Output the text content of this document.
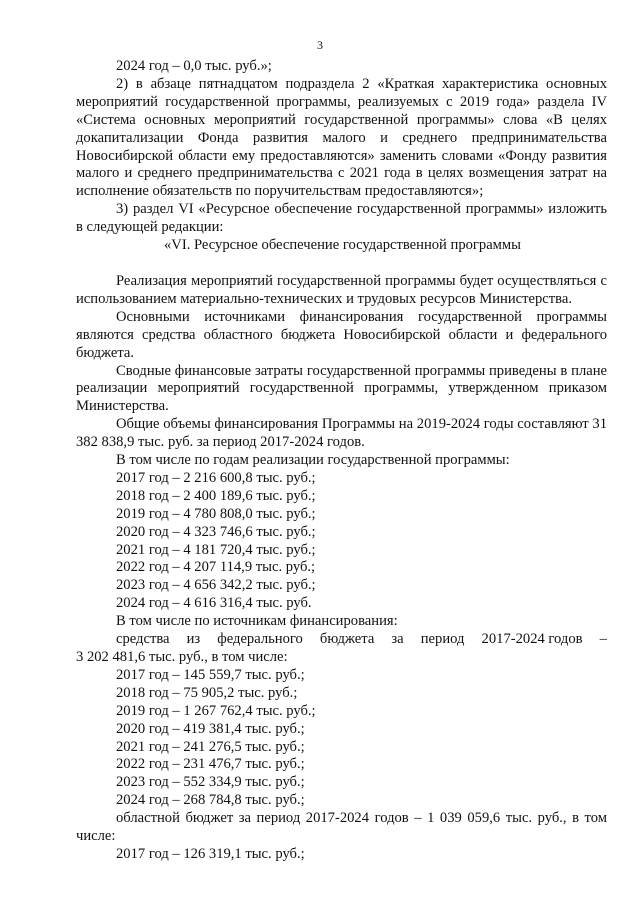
3

2024 год – 0,0 тыс. руб.»;

2) в абзаце пятнадцатом подраздела 2 «Краткая характеристика основных мероприятий государственной программы, реализуемых с 2019 года» раздела IV «Система основных мероприятий государственной программы» слова «В целях докапитализации Фонда развития малого и среднего предпринимательства Новосибирской области ему предоставляются» заменить словами «Фонду развития малого и среднего предпринимательства с 2021 года в целях возмещения затрат на исполнение обязательств по поручительствам предоставляются»;

3) раздел VI «Ресурсное обеспечение государственной программы» изложить в следующей редакции:

«VI. Ресурсное обеспечение государственной программы

Реализация мероприятий государственной программы будет осуществляться с использованием материально-технических и трудовых ресурсов Министерства.

Основными источниками финансирования государственной программы являются средства областного бюджета Новосибирской области и федерального бюджета.

Сводные финансовые затраты государственной программы приведены в плане реализации мероприятий государственной программы, утвержденном приказом Министерства.

Общие объемы финансирования Программы на 2019-2024 годы составляют 31 382 838,9 тыс. руб. за период 2017-2024 годов.

В том числе по годам реализации государственной программы:

2017 год – 2 216 600,8 тыс. руб.;

2018 год – 2 400 189,6 тыс. руб.;

2019 год – 4 780 808,0 тыс. руб.;

2020 год – 4 323 746,6 тыс. руб.;

2021 год – 4 181 720,4 тыс. руб.;

2022 год – 4 207 114,9 тыс. руб.;

2023 год – 4 656 342,2 тыс. руб.;

2024 год – 4 616 316,4 тыс. руб.

В том числе по источникам финансирования:

средства из федерального бюджета за период 2017-2024 годов –

3 202 481,6 тыс. руб., в том числе:

2017 год – 145 559,7 тыс. руб.;

2018 год – 75 905,2 тыс. руб.;

2019 год – 1 267 762,4 тыс. руб.;

2020 год – 419 381,4 тыс. руб.;

2021 год – 241 276,5 тыс. руб.;

2022 год – 231 476,7 тыс. руб.;

2023 год – 552 334,9 тыс. руб.;

2024 год – 268 784,8 тыс. руб.;

областной бюджет за период 2017-2024 годов – 1 039 059,6 тыс. руб., в том числе:

2017 год – 126 319,1 тыс. руб.;
